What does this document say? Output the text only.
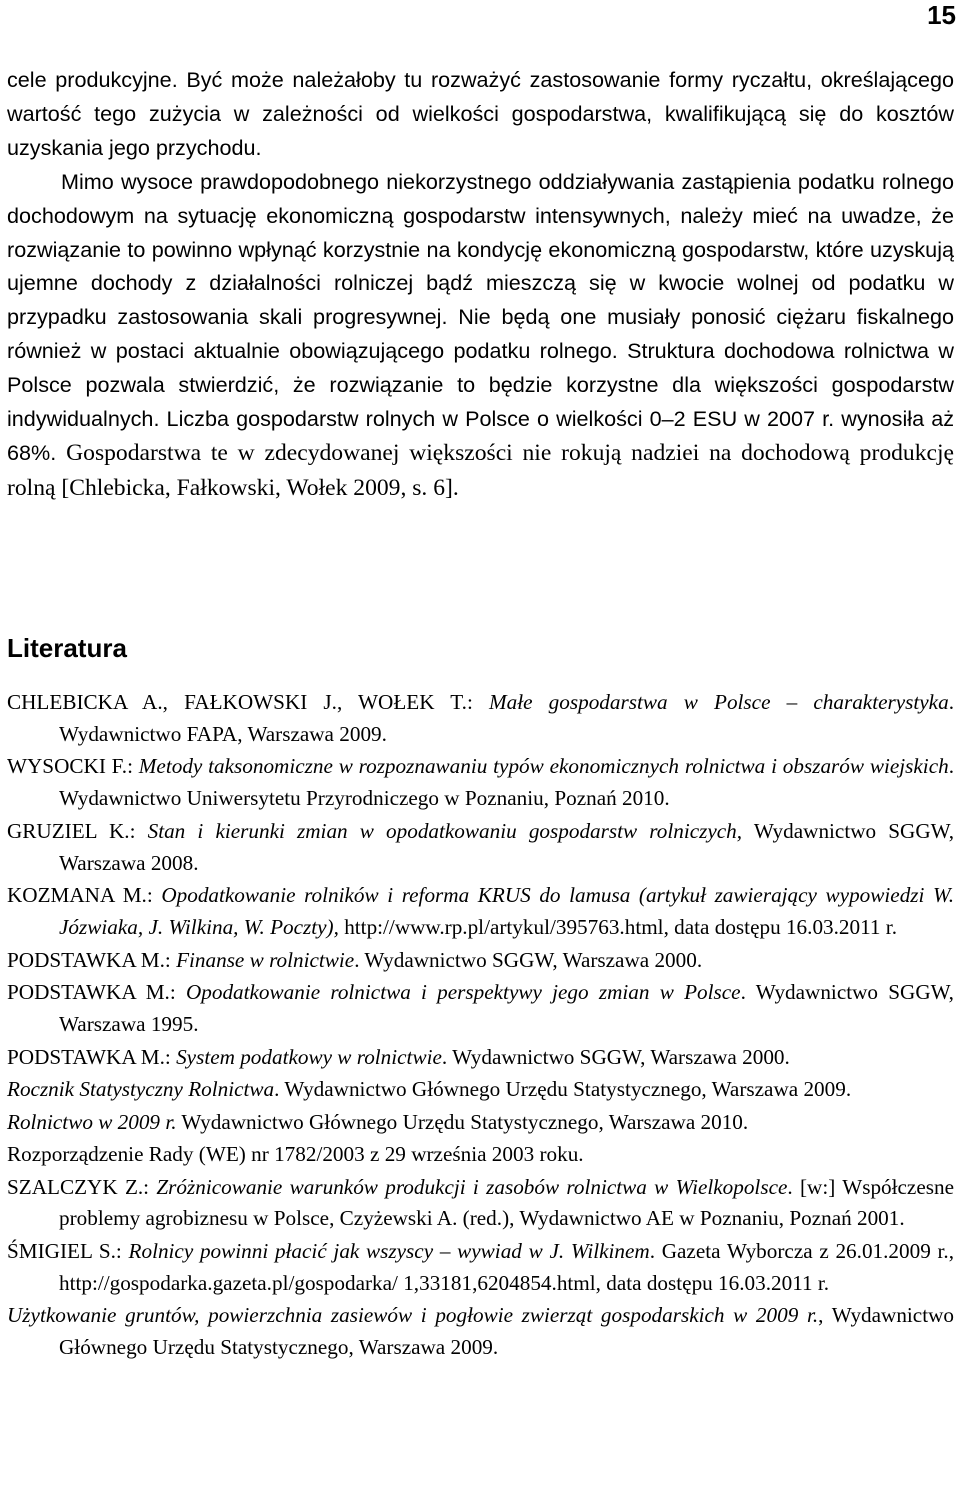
15

cele produkcyjne. Być może należałoby tu rozważyć zastosowanie formy ryczałtu, określającego wartość tego zużycia w zależności od wielkości gospodarstwa, kwalifikującą się do kosztów uzyskania jego przychodu.

Mimo wysoce prawdopodobnego niekorzystnego oddziaływania zastąpienia podatku rolnego dochodowym na sytuację ekonomiczną gospodarstw intensywnych, należy mieć na uwadze, że rozwiązanie to powinno wpłynąć korzystnie na kondycję ekonomiczną gospodarstw, które uzyskują ujemne dochody z działalności rolniczej bądź mieszczą się w kwocie wolnej od podatku w przypadku zastosowania skali progresywnej. Nie będą one musiały ponosić ciężaru fiskalnego również w postaci aktualnie obowiązującego podatku rolnego. Struktura dochodowa rolnictwa w Polsce pozwala stwierdzić, że rozwiązanie to będzie korzystne dla większości gospodarstw indywidualnych. Liczba gospodarstw rolnych w Polsce o wielkości 0–2 ESU w 2007 r. wynosiła aż 68%. Gospodarstwa te w zdecydowanej większości nie rokują nadziei na dochodową produkcję rolną [Chlebicka, Fałkowski, Wołek 2009, s. 6].

Literatura
CHLEBICKA A., FAŁKOWSKI J., WOŁEK T.: Małe gospodarstwa w Polsce – charakterystyka. Wydawnictwo FAPA, Warszawa 2009.
WYSOCKI F.: Metody taksonomiczne w rozpoznawaniu typów ekonomicznych rolnictwa i obszarów wiejskich. Wydawnictwo Uniwersytetu Przyrodniczego w Poznaniu, Poznań 2010.
GRUZIEL K.: Stan i kierunki zmian w opodatkowaniu gospodarstw rolniczych, Wydawnictwo SGGW, Warszawa 2008.
KOZMANA M.: Opodatkowanie rolników i reforma KRUS do lamusa (artykuł zawierający wypowiedzi W. Józwiaka, J. Wilkina, W. Poczty), http://www.rp.pl/artykul/395763.html, data dostępu 16.03.2011 r.
PODSTAWKA M.: Finanse w rolnictwie. Wydawnictwo SGGW, Warszawa 2000.
PODSTAWKA M.: Opodatkowanie rolnictwa i perspektywy jego zmian w Polsce. Wydawnictwo SGGW, Warszawa 1995.
PODSTAWKA M.: System podatkowy w rolnictwie. Wydawnictwo SGGW, Warszawa 2000.
Rocznik Statystyczny Rolnictwa. Wydawnictwo Głównego Urzędu Statystycznego, Warszawa 2009.
Rolnictwo w 2009 r. Wydawnictwo Głównego Urzędu Statystycznego, Warszawa 2010.
Rozporządzenie Rady (WE) nr 1782/2003 z 29 września 2003 roku.
SZALCZYK Z.: Zróżnicowanie warunków produkcji i zasobów rolnictwa w Wielkopolsce. [w:] Współczesne problemy agrobiznesu w Polsce, Czyżewski A. (red.), Wydawnictwo AE w Poznaniu, Poznań 2001.
ŚMIGIEL S.: Rolnicy powinni płacić jak wszyscy – wywiad w J. Wilkinem. Gazeta Wyborcza z 26.01.2009 r., http://gospodarka.gazeta.pl/gospodarka/ 1,33181,6204854.html, data dostępu 16.03.2011 r.
Użytkowanie gruntów, powierzchnia zasiewów i pogłowie zwierząt gospodarskich w 2009 r., Wydawnictwo Głównego Urzędu Statystycznego, Warszawa 2009.
